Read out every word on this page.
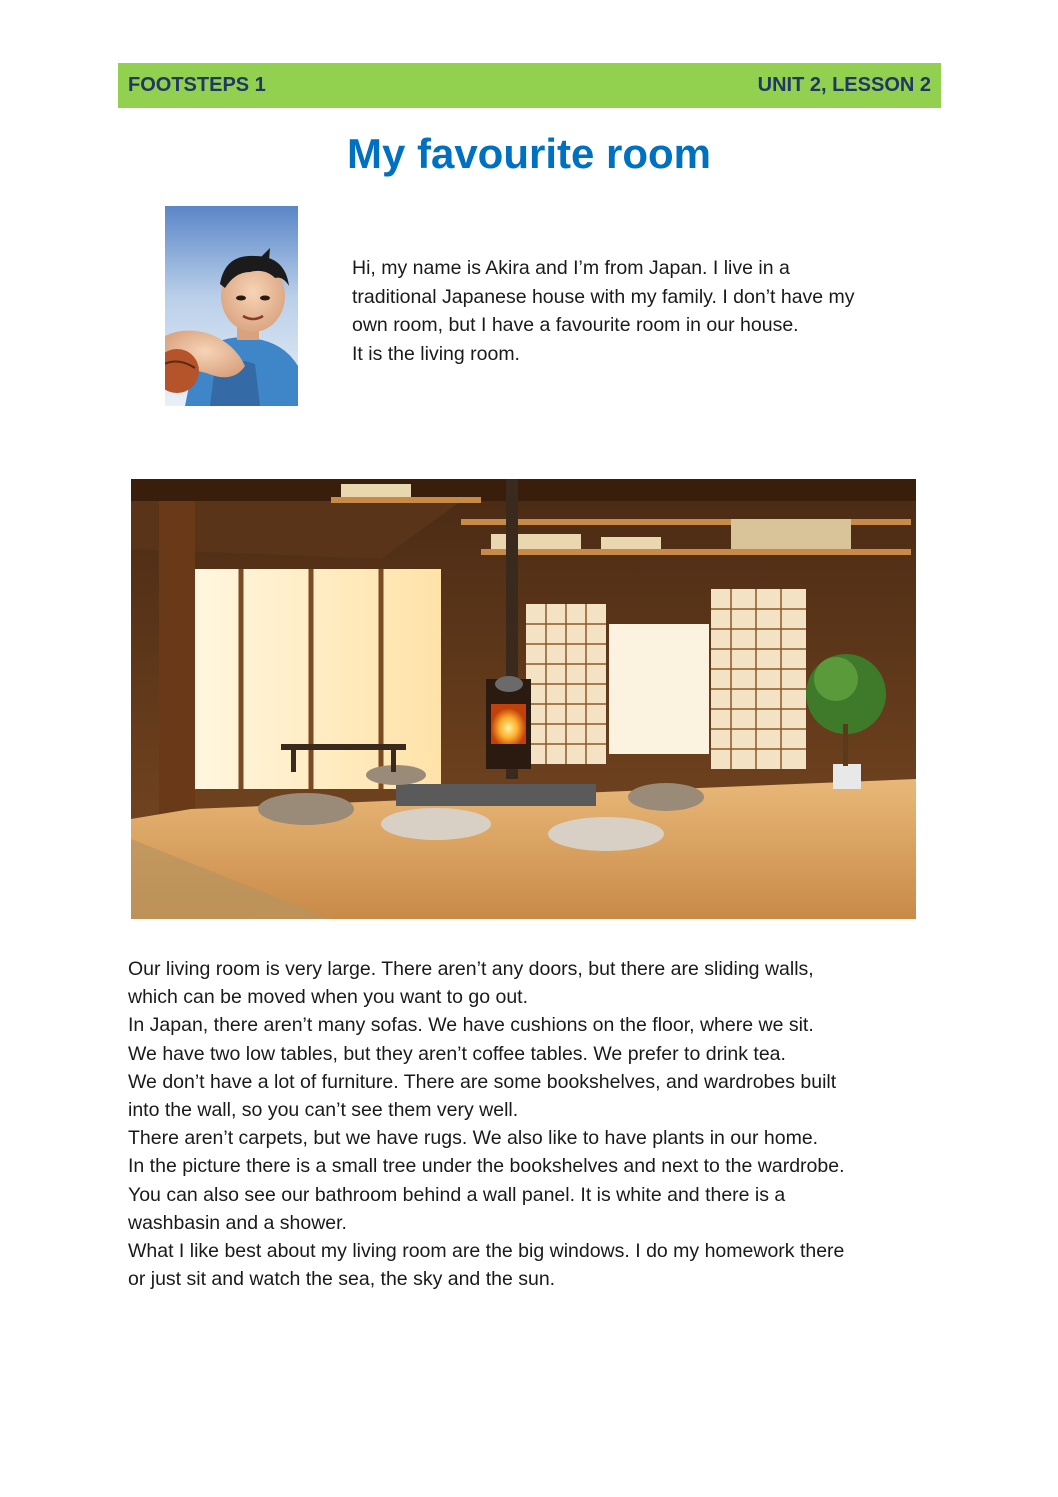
FOOTSTEPS 1	UNIT 2, LESSON 2
My favourite room

Hi, my name is Akira and I’m from Japan. I live in a

traditional Japanese house with my family. I don’t have my

own room, but I have a favourite room in our house.

It is the living room.

Our living room is very large. There aren’t any doors, but there are sliding walls,

which can be moved when you want to go out.

In Japan, there aren’t many sofas. We have cushions on the floor, where we sit.

We have two low tables, but they aren’t coffee tables. We prefer to drink tea.

We don’t have a lot of furniture. There are some bookshelves, and wardrobes built

into the wall, so you can’t see them very well.

There aren’t carpets, but we have rugs. We also like to have plants in our home.

In the picture there is a small tree under the bookshelves and next to the wardrobe.

You can also see our bathroom behind a wall panel. It is white and there is a

washbasin and a shower.

What I like best about my living room are the big windows. I do my homework there

or just sit and watch the sea, the sky and the sun.
